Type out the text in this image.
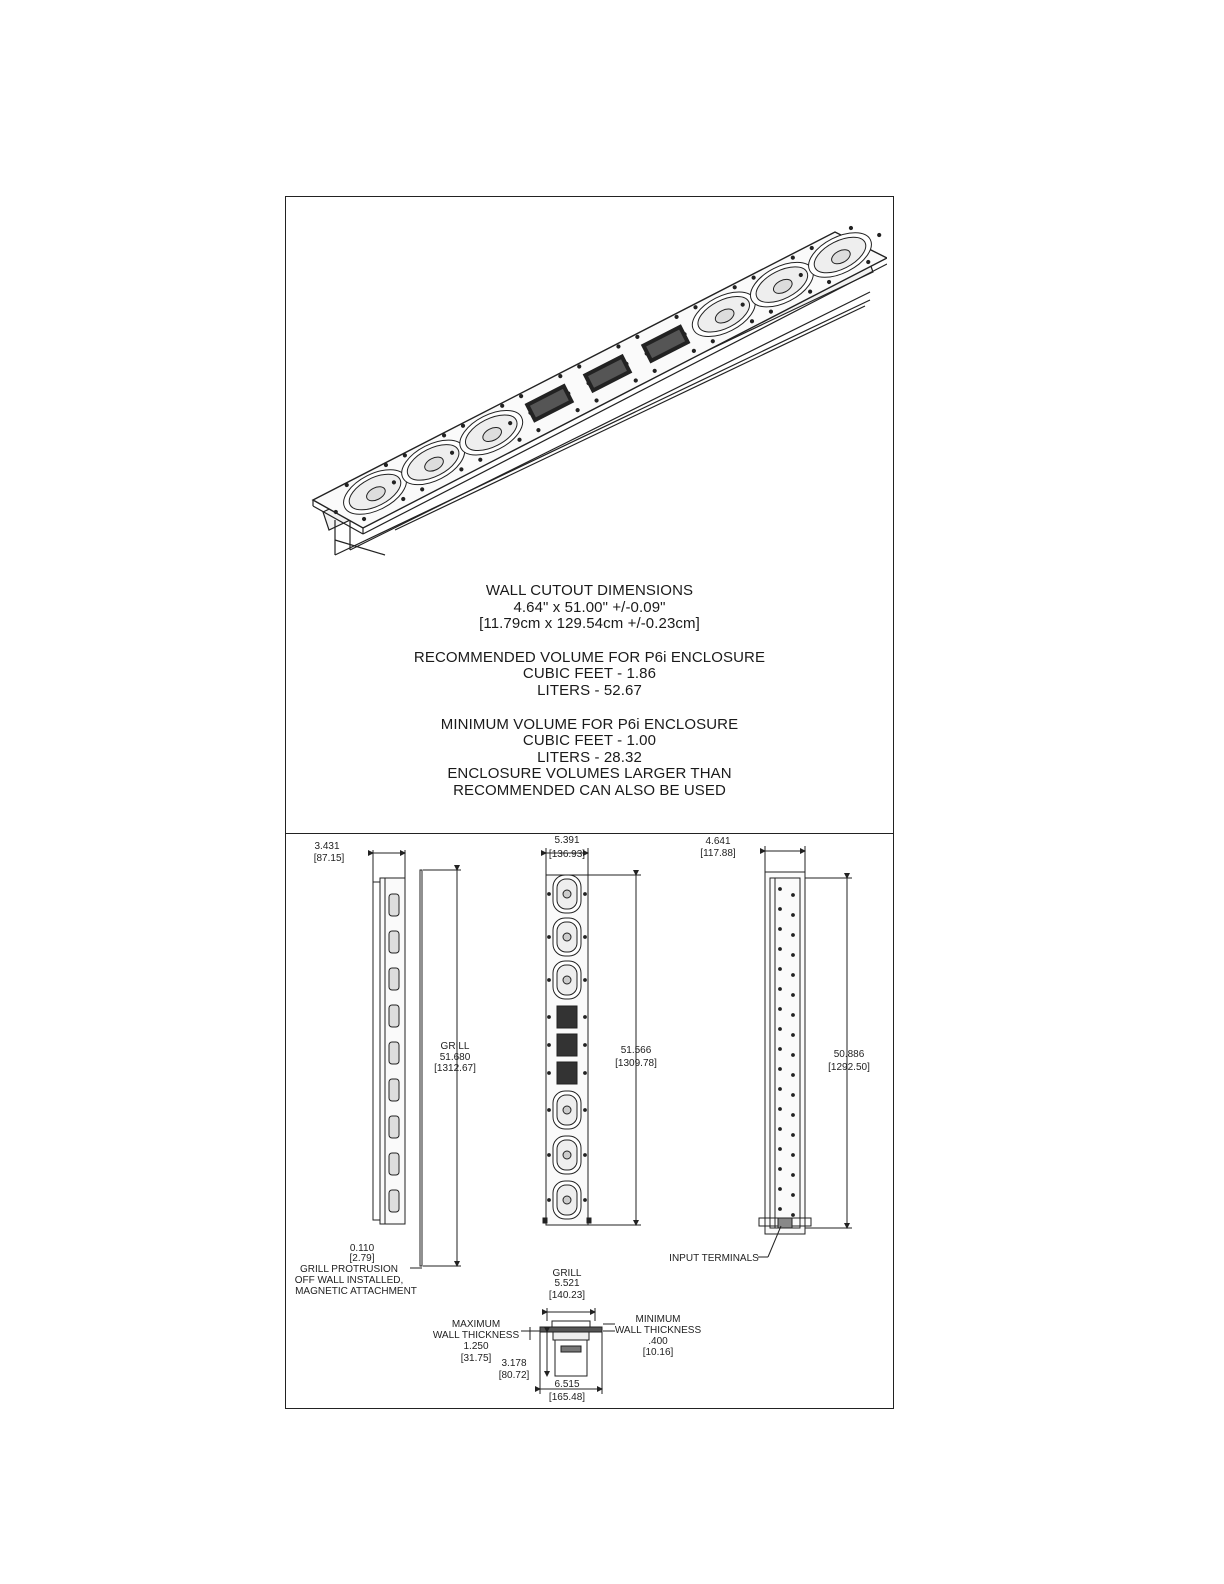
WALL CUTOUT DIMENSIONS
4.64" x 51.00" +/-0.09"
[11.79cm x 129.54cm +/-0.23cm]
RECOMMENDED VOLUME FOR P6i ENCLOSURE
CUBIC FEET - 1.86
LITERS - 52.67
MINIMUM VOLUME FOR P6i ENCLOSURE
CUBIC FEET - 1.00
LITERS - 28.32
ENCLOSURE VOLUMES LARGER THAN
RECOMMENDED CAN ALSO BE USED
3.431
[87.15]
GRILL
51.680
[1312.67]
0.110
[2.79]
GRILL PROTRUSION
OFF WALL INSTALLED,
MAGNETIC ATTACHMENT
5.391
[136.93]
51.566
[1309.78]
4.641
[117.88]
50.886
[1292.50]
INPUT TERMINALS
GRILL
5.521
[140.23]
MAXIMUM
WALL THICKNESS
1.250
[31.75]
MINIMUM
WALL THICKNESS
.400
[10.16]
3.178
[80.72]
6.515
[165.48]
